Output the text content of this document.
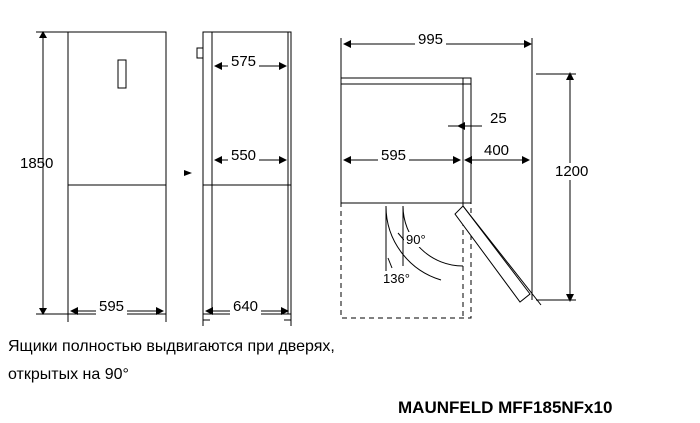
1850
595
575
550
640
995
595
25
400
1200
90°
136°
Ящики полностью выдвигаются при дверях,
открытых на 90°
MAUNFELD MFF185NFx10
